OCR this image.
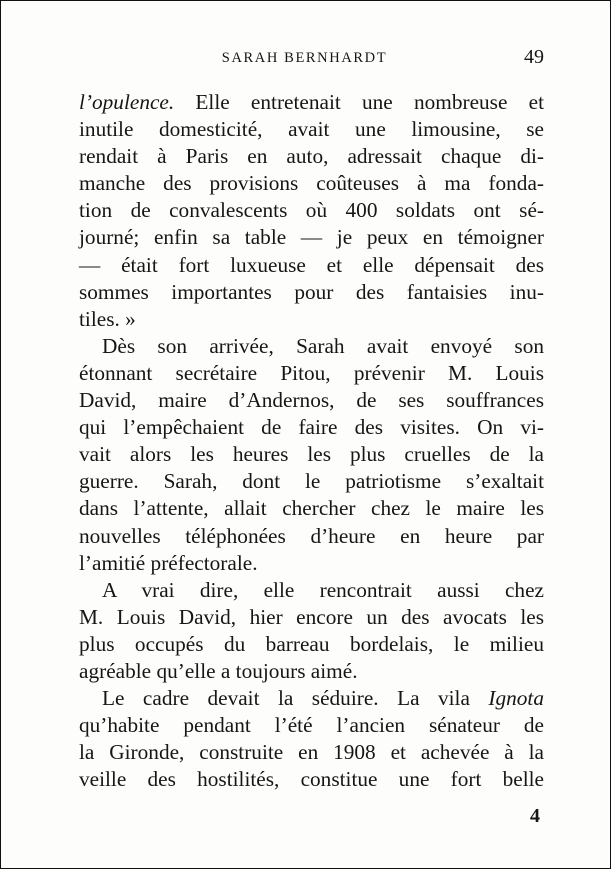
SARAH BERNHARDT	49
l’opulence. Elle entretenait une nombreuse et
inutile domesticité, avait une limousine, se
rendait à Paris en auto, adressait chaque di-
manche des provisions coûteuses à ma fonda-
tion de convalescents où 400 soldats ont sé-
journé; enfin sa table — je peux en témoigner
— était fort luxueuse et elle dépensait des
sommes importantes pour des fantaisies inu-
tiles. »
Dès son arrivée, Sarah avait envoyé son
étonnant secrétaire Pitou, prévenir M. Louis
David, maire d’Andernos, de ses souffrances
qui l’empêchaient de faire des visites. On vi-
vait alors les heures les plus cruelles de la
guerre. Sarah, dont le patriotisme s’exaltait
dans l’attente, allait chercher chez le maire les
nouvelles téléphonées d’heure en heure par
l’amitié préfectorale.
A vrai dire, elle rencontrait aussi chez
M. Louis David, hier encore un des avocats les
plus occupés du barreau bordelais, le milieu
agréable qu’elle a toujours aimé.
Le cadre devait la séduire. La vila Ignota
qu’habite pendant l’été l’ancien sénateur de
la Gironde, construite en 1908 et achevée à la
veille des hostilités, constitue une fort belle
4
